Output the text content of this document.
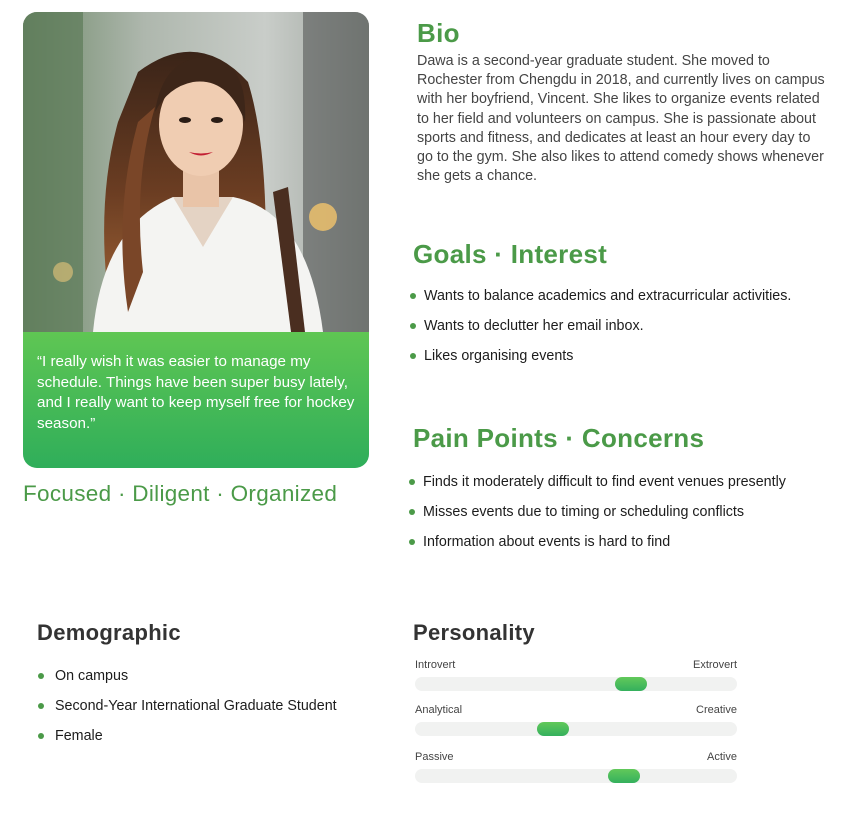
“I really wish it was easier to manage my schedule. Things have been super busy lately, and I really want to keep myself free for hockey season.”

Focused · Diligent · Organized
Bio

Dawa is a second-year graduate student. She moved to Rochester from Chengdu in 2018, and currently lives on campus with her boyfriend, Vincent. She likes to organize events related to her field and volunteers on campus. She is passionate about sports and fitness, and dedicates at least an hour every day to go to the gym. She also likes to attend comedy shows whenever she gets a chance.

Goals · Interest
Wants to balance academics and extracurricular activities.
Wants to declutter her email inbox.
Likes organising events
Pain Points · Concerns
Finds it moderately difficult to find event venues presently
Misses events due to timing or scheduling conflicts
Information about events is hard to find
Demographic
On campus
Second-Year International Graduate Student
Female
Personality
Introvert	Extrovert
Analytical	Creative
Passive	Active
